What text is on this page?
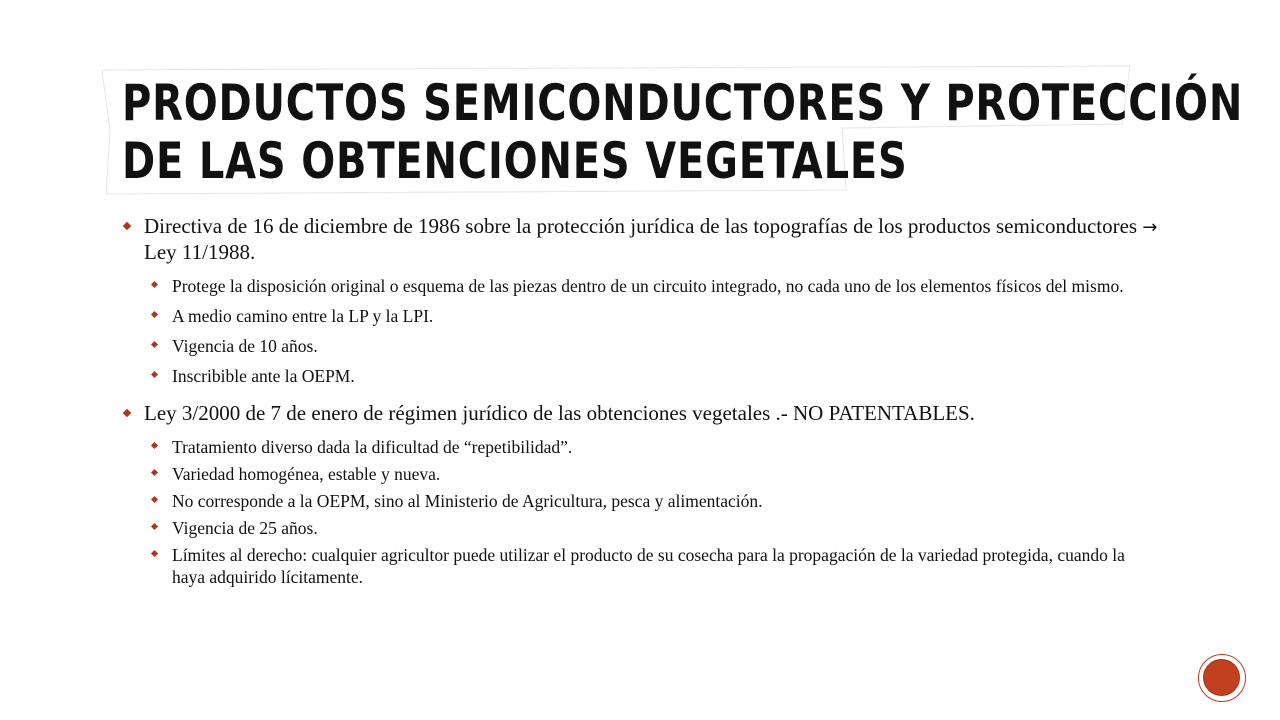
PRODUCTOS SEMICONDUCTORES Y PROTECCIÓN
DE LAS OBTENCIONES VEGETALES
Directiva de 16 de diciembre de 1986 sobre la protección jurídica de las topografías de los productos semiconductores → Ley 11/1988.
Protege la disposición original o esquema de las piezas dentro de un circuito integrado, no cada uno de los elementos físicos del mismo.
A medio camino entre la LP y la LPI.
Vigencia de 10 años.
Inscribible ante la OEPM.
Ley 3/2000 de 7 de enero de régimen jurídico de las obtenciones vegetales .- NO PATENTABLES.
Tratamiento diverso dada la dificultad de “repetibilidad”.
Variedad homogénea, estable y nueva.
No corresponde a la OEPM, sino al Ministerio de Agricultura, pesca y alimentación.
Vigencia de 25 años.
Límites al derecho: cualquier agricultor puede utilizar el producto de su cosecha para la propagación de la variedad protegida, cuando la haya adquirido lícitamente.
